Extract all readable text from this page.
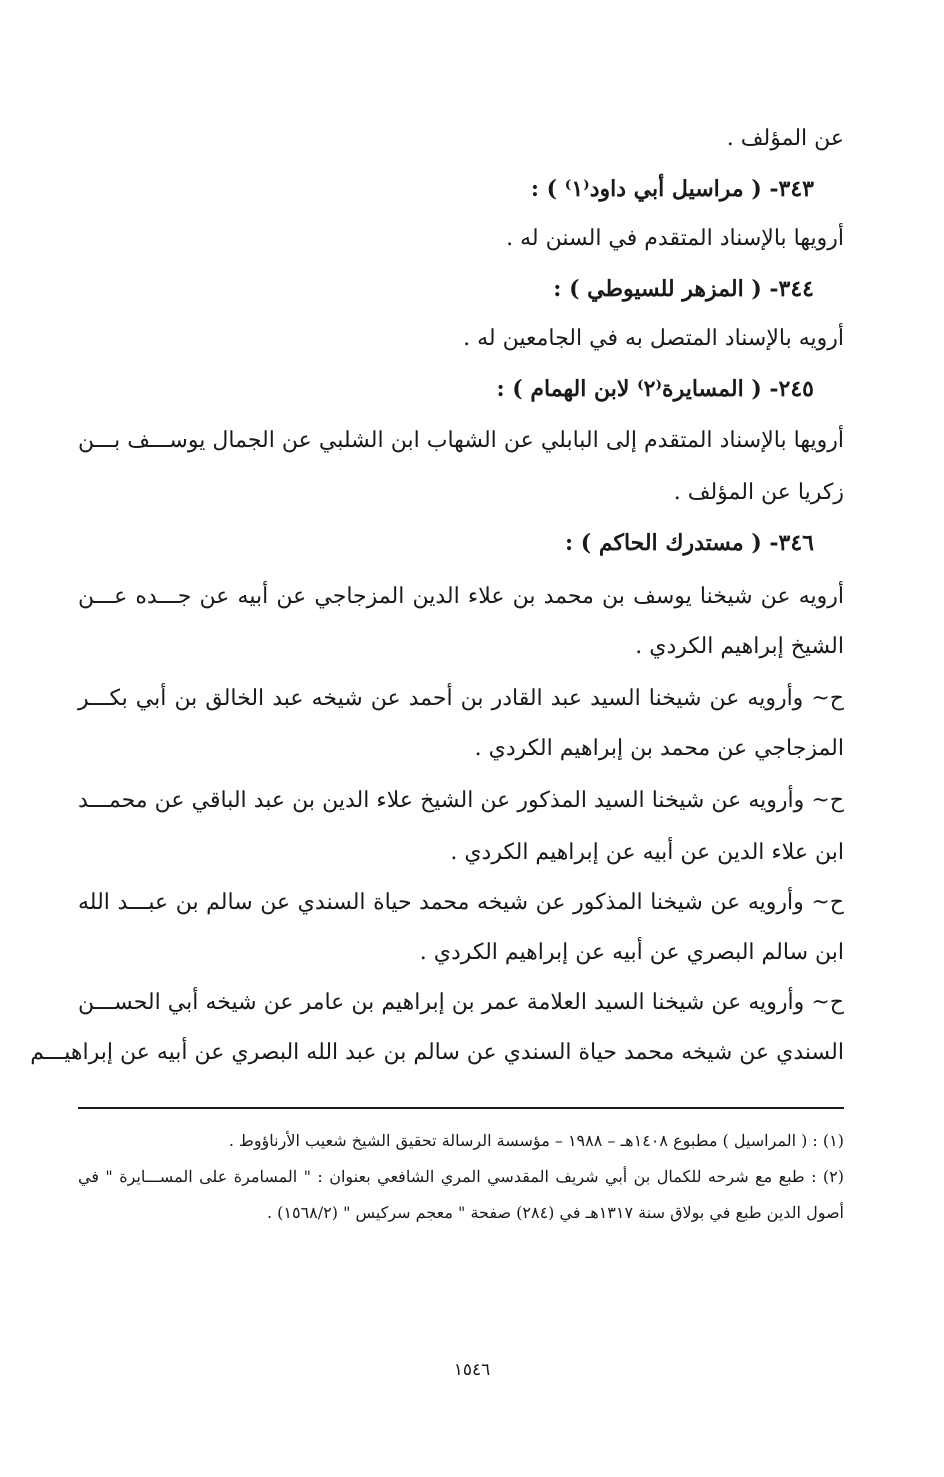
عن المؤلف .
٣٤٣- ( مراسيل أبي داود⁽١⁾ ) :
أرويها بالإسناد المتقدم في السنن له .
٣٤٤- ( المزهر للسيوطي ) :
أرويه بالإسناد المتصل به في الجامعين له .
٢٤٥- ( المسايرة⁽٢⁾ لابن الهمام ) :
أرويها بالإسناد المتقدم إلى البابلي عن الشهاب ابن الشلبي عن الجمال يوســـف بـــن
زكريا عن المؤلف .
٣٤٦- ( مستدرك الحاكم ) :
أرويه عن شيخنا يوسف بن محمد بن علاء الدين المزجاجي عن أبيه عن جـــده عـــن
الشيخ إبراهيم الكردي .
ح~ وأرويه عن شيخنا السيد عبد القادر بن أحمد عن شيخه عبد الخالق بن أبي بكـــر
المزجاجي عن محمد بن إبراهيم الكردي .
ح~ وأرويه عن شيخنا السيد المذكور عن الشيخ علاء الدين بن عبد الباقي عن محمـــد
ابن علاء الدين عن أبيه عن إبراهيم الكردي .
ح~ وأرويه عن شيخنا المذكور عن شيخه محمد حياة السندي عن سالم بن عبـــد الله
ابن سالم البصري عن أبيه عن إبراهيم الكردي .
ح~ وأرويه عن شيخنا السيد العلامة عمر بن إبراهيم بن عامر عن شيخه أبي الحســـن
السندي عن شيخه محمد حياة السندي عن سالم بن عبد الله البصري عن أبيه عن إبراهيـــم
(١) : ( المراسيل ) مطبوع ١٤٠٨هـ – ١٩٨٨ – مؤسسة الرسالة تحقيق الشيخ شعيب الأرناؤوط .
(٢) : طبع مع شرحه للكمال بن أبي شريف المقدسي المري الشافعي بعنوان : " المسامرة على المســـايرة " في
أصول الدين طبع في بولاق سنة ١٣١٧هـ في (٢٨٤) صفحة " معجم سركيس " (١٥٦٨/٢) .
١٥٤٦
